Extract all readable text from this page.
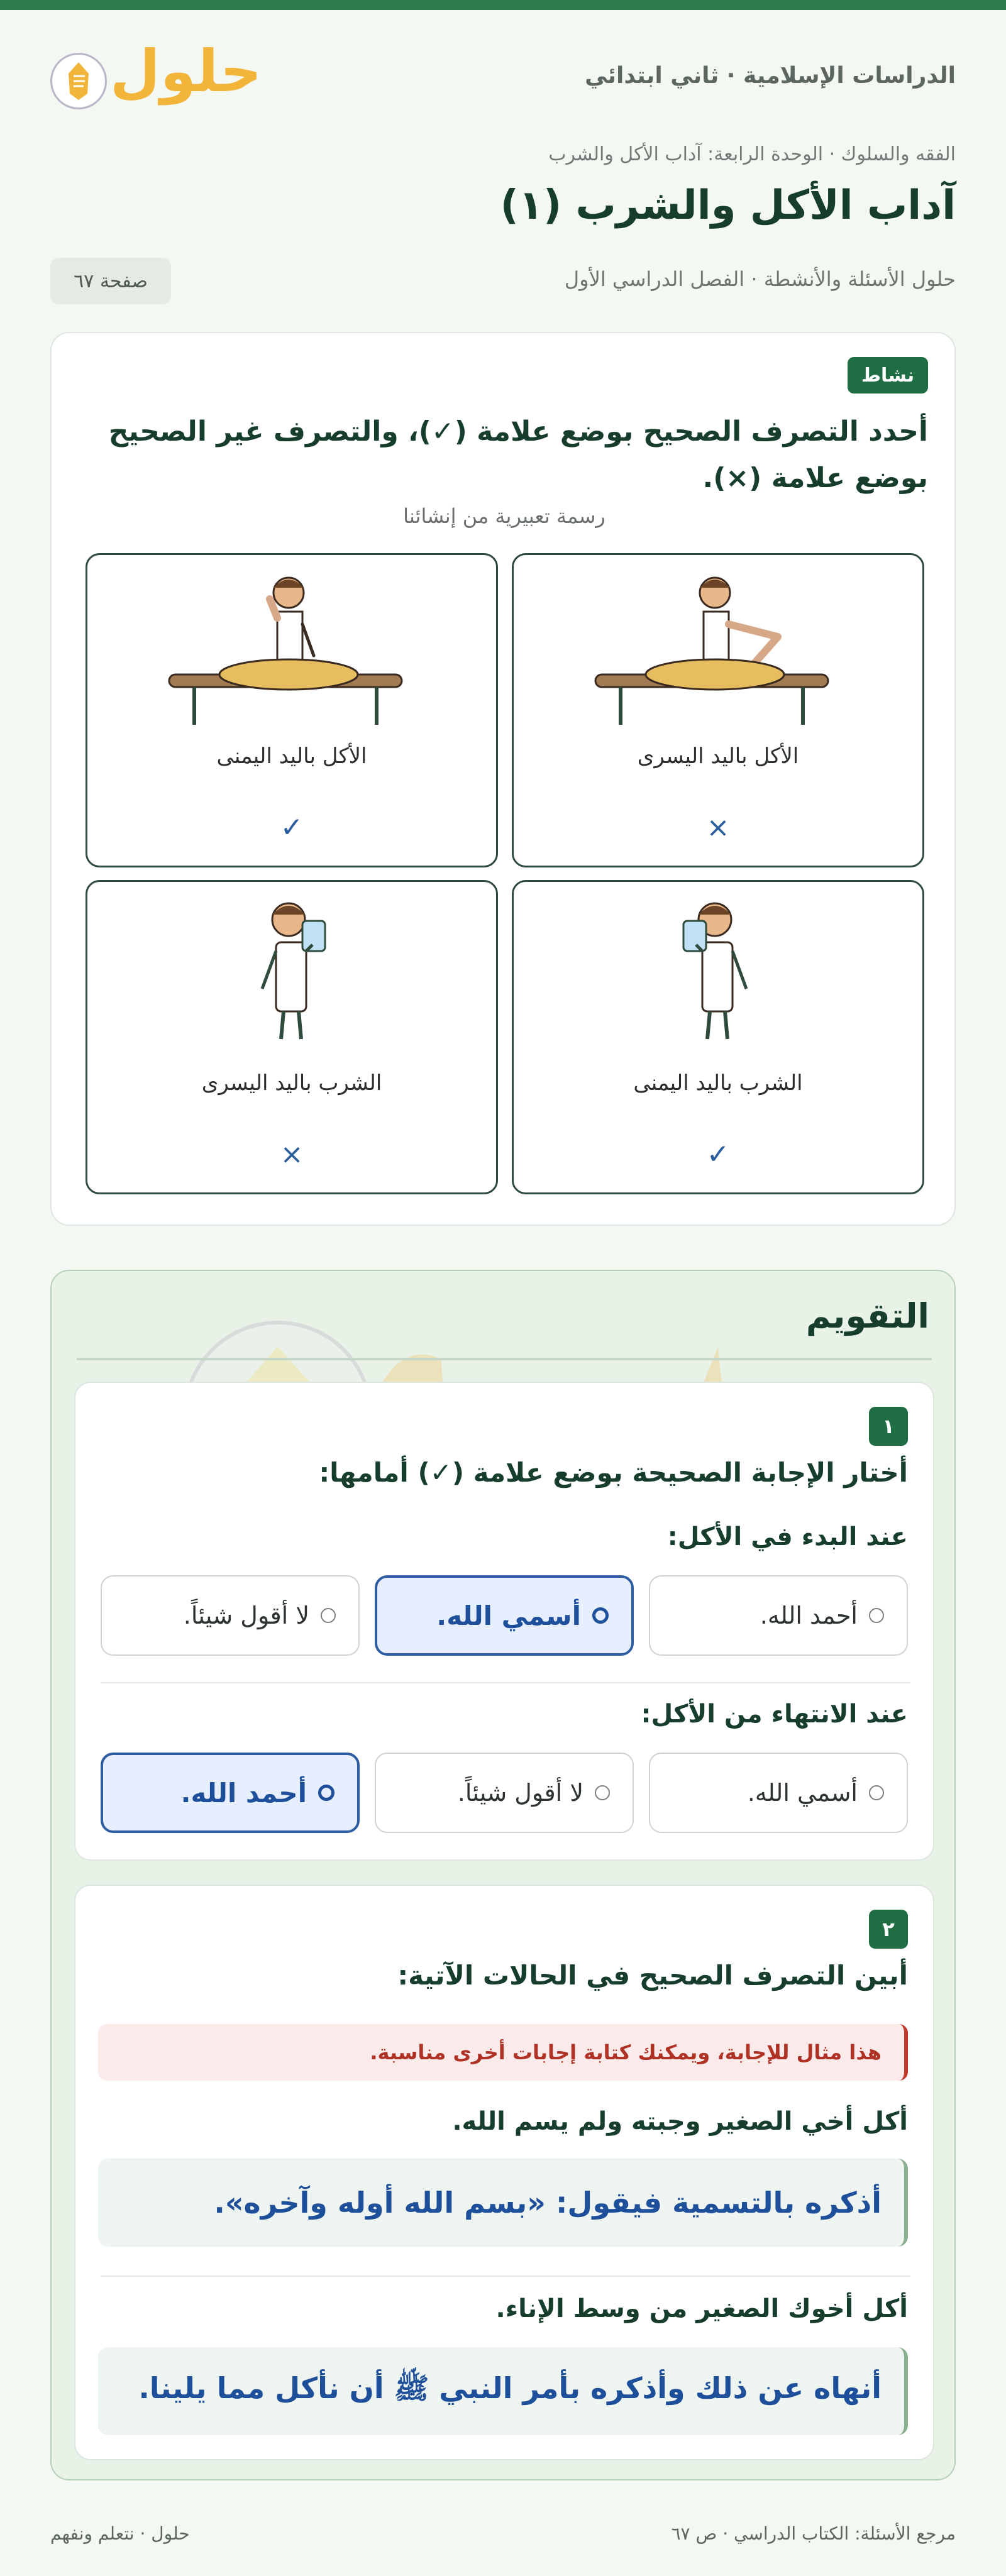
الدراسات الإسلامية · ثاني ابتدائي
حلول
الفقه والسلوك · الوحدة الرابعة: آداب الأكل والشرب
آداب الأكل والشرب (١)
حلول الأسئلة والأنشطة · الفصل الدراسي الأول
صفحة ٦٧
نشاط
أحدد التصرف الصحيح بوضع علامة (✓)، والتصرف غير الصحيح بوضع علامة (×).
رسمة تعبيرية من إنشائنا
الأكل باليد اليسرى
×
الأكل باليد اليمنى
✓
الشرب باليد اليمنى
✓
الشرب باليد اليسرى
×
التقويم
١
أختار الإجابة الصحيحة بوضع علامة (✓) أمامها:
عند البدء في الأكل:
أحمد الله.
أسمي الله.
لا أقول شيئاً.
عند الانتهاء من الأكل:
أسمي الله.
لا أقول شيئاً.
أحمد الله.
٢
أبين التصرف الصحيح في الحالات الآتية:
هذا مثال للإجابة، ويمكنك كتابة إجابات أخرى مناسبة.
أكل أخي الصغير وجبته ولم يسم الله.
أذكره بالتسمية فيقول: «بسم الله أوله وآخره».
أكل أخوك الصغير من وسط الإناء.
أنهاه عن ذلك وأذكره بأمر النبي ﷺ أن نأكل مما يلينا.
مرجع الأسئلة: الكتاب الدراسي · ص ٦٧
حلول · نتعلم ونفهم
